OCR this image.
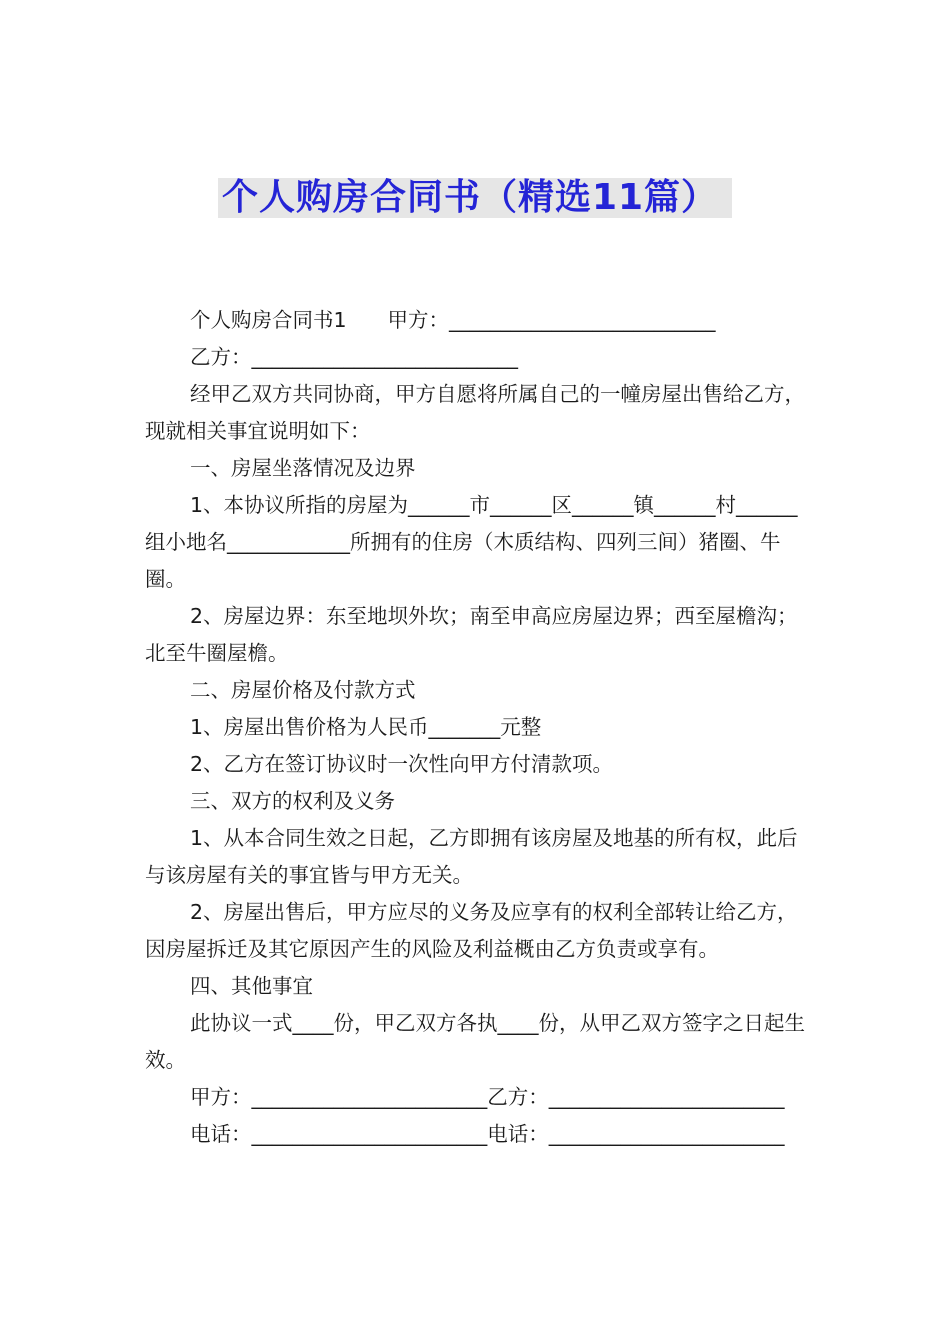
个人购房合同书（精选11篇）

个人购房合同书1　　甲方：__________________________

乙方：__________________________

经甲乙双方共同协商，甲方自愿将所属自己的一幢房屋出售给乙方，现就相关事宜说明如下：

一、房屋坐落情况及边界

1、本协议所指的房屋为______市______区______镇______村______组小地名____________所拥有的住房（木质结构、四列三间）猪圈、牛圈。

2、房屋边界：东至地坝外坎；南至申高应房屋边界；西至屋檐沟；北至牛圈屋檐。

二、房屋价格及付款方式

1、房屋出售价格为人民币_______元整

2、乙方在签订协议时一次性向甲方付清款项。

三、双方的权利及义务

1、从本合同生效之日起，乙方即拥有该房屋及地基的所有权，此后与该房屋有关的事宜皆与甲方无关。

2、房屋出售后，甲方应尽的义务及应享有的权利全部转让给乙方，因房屋拆迁及其它原因产生的风险及利益概由乙方负责或享有。

四、其他事宜

此协议一式____份，甲乙双方各执____份，从甲乙双方签字之日起生效。

甲方：_______________________乙方：_______________________

电话：_______________________电话：_______________________
